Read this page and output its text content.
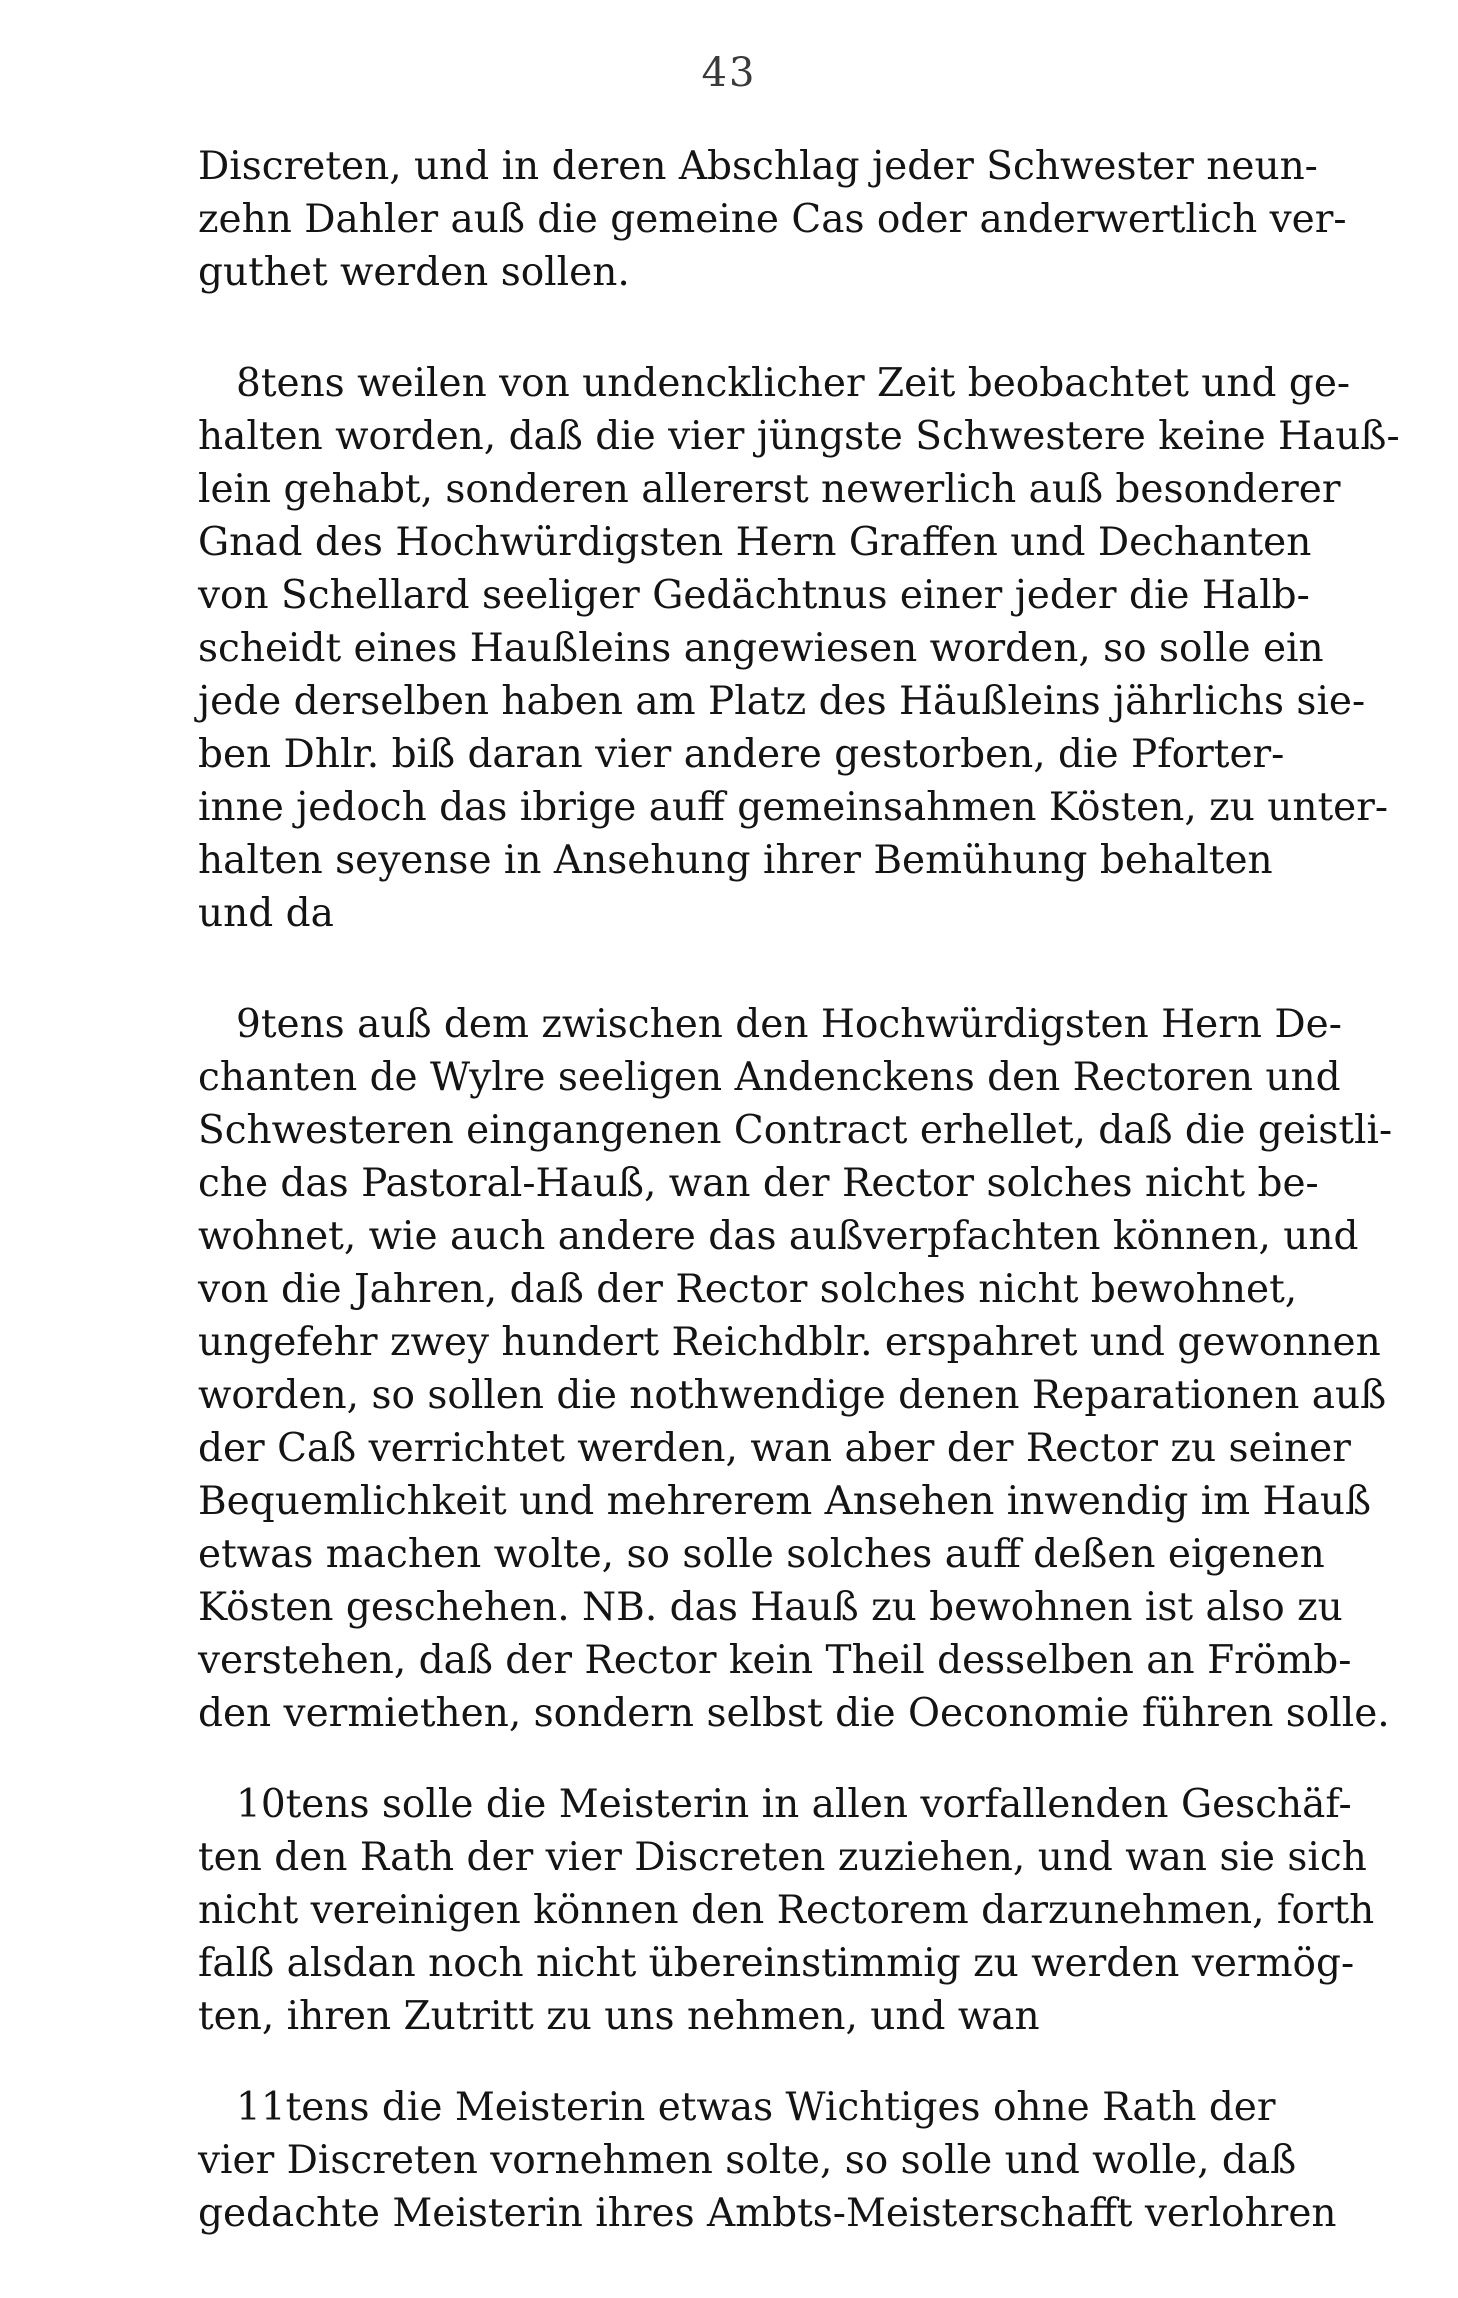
43
Discreten, und in deren Abschlag jeder Schwester neun-
zehn Dahler auß die gemeine Cas oder anderwertlich ver-
guthet werden sollen.
8tens weilen von undencklicher Zeit beobachtet und ge-
halten worden, daß die vier jüngste Schwestere keine Hauß-
lein gehabt, sonderen allererst newerlich auß besonderer
Gnad des Hochwürdigsten Hern Graffen und Dechanten
von Schellard seeliger Gedächtnus einer jeder die Halb-
scheidt eines Haußleins angewiesen worden, so solle ein
jede derselben haben am Platz des Häußleins jährlichs sie-
ben Dhlr. biß daran vier andere gestorben, die Pforter-
inne jedoch das ibrige auff gemeinsahmen Kösten, zu unter-
halten seyense in Ansehung ihrer Bemühung behalten
und da
9tens auß dem zwischen den Hochwürdigsten Hern De-
chanten de Wylre seeligen Andenckens den Rectoren und
Schwesteren eingangenen Contract erhellet, daß die geistli-
che das Pastoral-Hauß, wan der Rector solches nicht be-
wohnet, wie auch andere das außverpfachten können, und
von die Jahren, daß der Rector solches nicht bewohnet,
ungefehr zwey hundert Reichdblr. erspahret und gewonnen
worden, so sollen die nothwendige denen Reparationen auß
der Caß verrichtet werden, wan aber der Rector zu seiner
Bequemlichkeit und mehrerem Ansehen inwendig im Hauß
etwas machen wolte, so solle solches auff deßen eigenen
Kösten geschehen. NB. das Hauß zu bewohnen ist also zu
verstehen, daß der Rector kein Theil desselben an Frömb-
den vermiethen, sondern selbst die Oeconomie führen solle.
10tens solle die Meisterin in allen vorfallenden Geschäf-
ten den Rath der vier Discreten zuziehen, und wan sie sich
nicht vereinigen können den Rectorem darzunehmen, forth
falß alsdan noch nicht übereinstimmig zu werden vermög-
ten, ihren Zutritt zu uns nehmen, und wan
11tens die Meisterin etwas Wichtiges ohne Rath der
vier Discreten vornehmen solte, so solle und wolle, daß
gedachte Meisterin ihres Ambts-Meisterschafft verlohren
